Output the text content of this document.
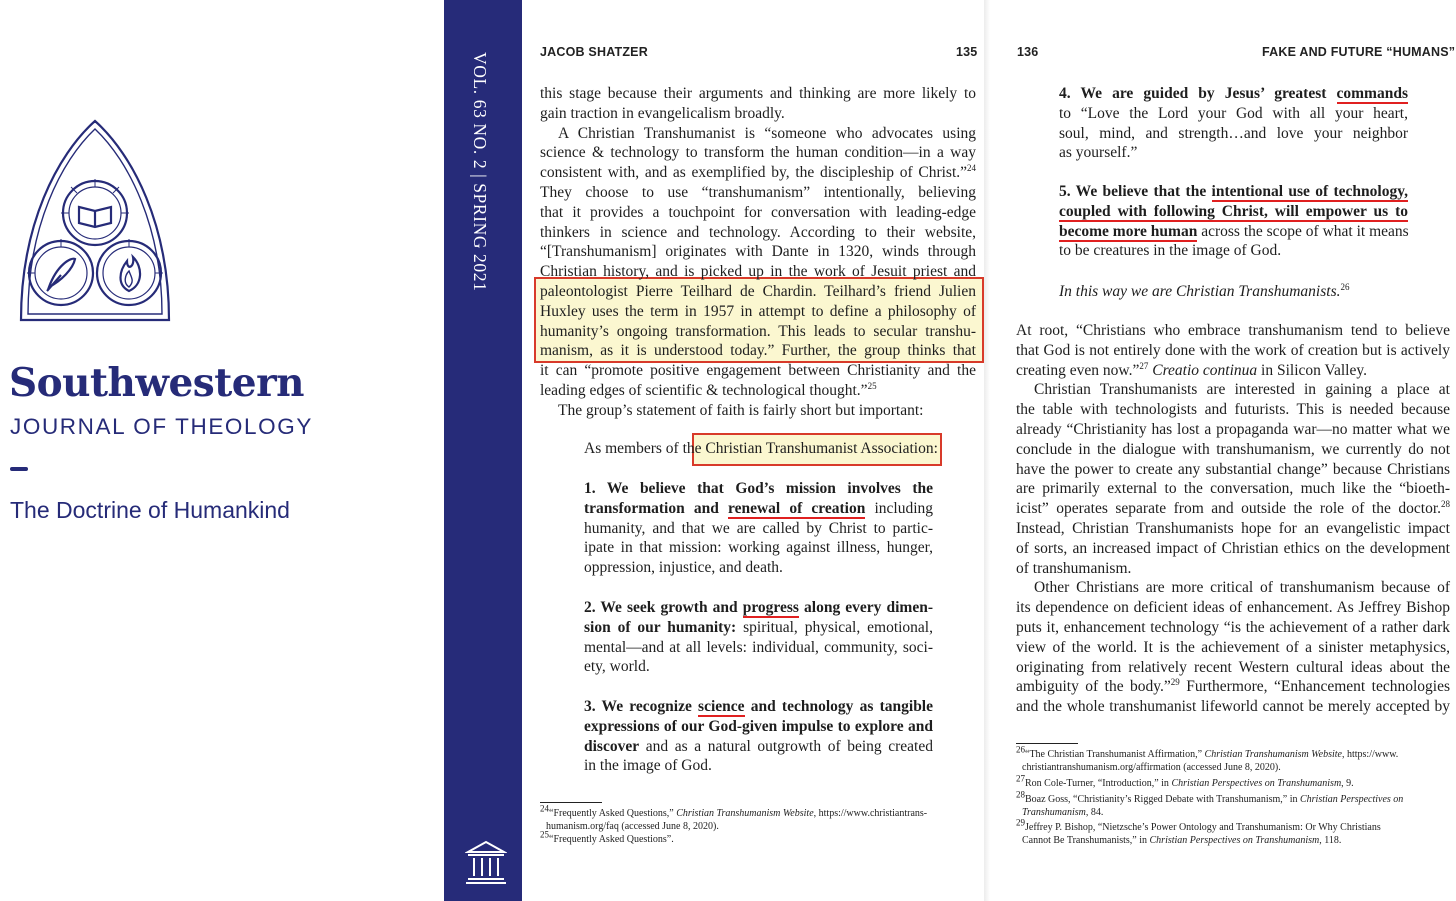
Southwestern
JOURNAL OF THEOLOGY
The Doctrine of Humankind
VOL. 63 NO. 2 | SPRING 2021	JACOB SHATZER	135
this stage because their arguments and thinking are more likely to
gain traction in evangelicalism broadly.
A Christian Transhumanist is “someone who advocates using
science & technology to transform the human condition—in a way
consistent with, and as exemplified by, the discipleship of Christ.”$^{24}$
They choose to use “transhumanism” intentionally, believing
that it provides a touchpoint for conversation with leading-edge
thinkers in science and technology. According to their website,
“[Transhumanism] originates with Dante in 1320, winds through
Christian history, and is picked up in the work of Jesuit priest and
paleontologist Pierre Teilhard de Chardin. Teilhard’s friend Julien
Huxley uses the term in 1957 in attempt to define a philosophy of
humanity’s ongoing transformation. This leads to secular transhu-
manism, as it is understood today.” Further, the group thinks that
it can “promote positive engagement between Christianity and the
leading edges of scientific & technological thought.”$^{25}$
The group’s statement of faith is fairly short but important:
As members of the Christian Transhumanist Association:
1. We believe that God’s mission involves the
transformation and renewal of creation including
humanity, and that we are called by Christ to partic-
ipate in that mission: working against illness, hunger,
oppression, injustice, and death.
2. We seek growth and progress along every dimen-
sion of our humanity: spiritual, physical, emotional,
mental—and at all levels: individual, community, soci-
ety, world.
3. We recognize science and technology as tangible
expressions of our God-given impulse to explore and
discover and as a natural outgrowth of being created
in the image of God.
24“Frequently Asked Questions,” Christian Transhumanism Website, https://www.christiantrans-
humanism.org/faq (accessed June 8, 2020).
25“Frequently Asked Questions”.
136	FAKE AND FUTURE “HUMANS”
4. We are guided by Jesus’ greatest commands
to “Love the Lord your God with all your heart,
soul, mind, and strength…and love your neighbor
as yourself.”
5. We believe that the intentional use of technology,
coupled with following Christ, will empower us to
become more human across the scope of what it means
to be creatures in the image of God.
In this way we are Christian Transhumanists.$^{26}$
At root, “Christians who embrace transhumanism tend to believe
that God is not entirely done with the work of creation but is actively
creating even now.”$^{27}$ Creatio continua in Silicon Valley.
Christian Transhumanists are interested in gaining a place at
the table with technologists and futurists. This is needed because
already “Christianity has lost a propaganda war—no matter what we
conclude in the dialogue with transhumanism, we currently do not
have the power to create any substantial change” because Christians
are primarily external to the conversation, much like the “bioeth-
icist” operates separate from and outside the role of the doctor.$^{28}$
Instead, Christian Transhumanists hope for an evangelistic impact
of sorts, an increased impact of Christian ethics on the development
of transhumanism.
Other Christians are more critical of transhumanism because of
its dependence on deficient ideas of enhancement. As Jeffrey Bishop
puts it, enhancement technology “is the achievement of a rather dark
view of the world. It is the achievement of a sinister metaphysics,
originating from relatively recent Western cultural ideas about the
ambiguity of the body.”$^{29}$ Furthermore, “Enhancement technologies
and the whole transhumanist lifeworld cannot be merely accepted by
26“The Christian Transhumanist Affirmation,” Christian Transhumanism Website, https://www.
christiantranshumanism.org/affirmation (accessed June 8, 2020).
27Ron Cole-Turner, “Introduction,” in Christian Perspectives on Transhumanism, 9.
28Boaz Goss, “Christianity’s Rigged Debate with Transhumanism,” in Christian Perspectives on
Transhumanism, 84.
29Jeffrey P. Bishop, “Nietzsche’s Power Ontology and Transhumanism: Or Why Christians
Cannot Be Transhumanists,” in Christian Perspectives on Transhumanism, 118.
